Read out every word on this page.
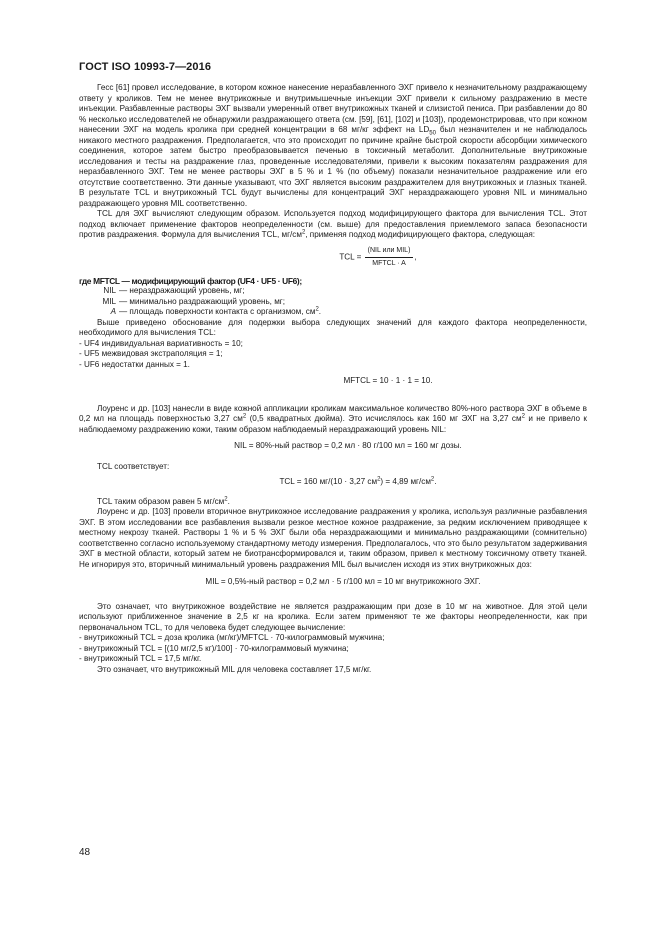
ГОСТ ISO 10993-7—2016

Гесс [61] провел исследование, в котором кожное нанесение неразбавленного ЭХГ привело к незначительному раздражающему ответу у кроликов. Тем не менее внутрикожные и внутримышечные инъекции ЭХГ привели к сильному раздражению в месте инъекции. Разбавленные растворы ЭХГ вызвали умеренный ответ внутрикожных тканей и слизистой пениса. При разбавлении до 80 % несколько исследователей не обнаружили раздражающего ответа (см. [59], [61], [102] и [103]), продемонстрировав, что при кожном нанесении ЭХГ на модель кролика при средней концентрации в 68 мг/кг эффект на $LD_{50}$ был незначителен и не наблюдалось никакого местного раздражения. Предполагается, что это происходит по причине крайне быстрой скорости абсорбции химического соединения, которое затем быстро преобразовывается печенью в токсичный метаболит. Дополнительные внутрикожные исследования и тесты на раздражение глаз, проведенные исследователями, привели к высоким показателям раздражения для неразбавленного ЭХГ. Тем не менее растворы ЭХГ в 5 % и 1 % (по объему) показали незначительное раздражение или его отсутствие соответственно. Эти данные указывают, что ЭХГ является высоким раздражителем для внутрикожных и глазных тканей. В результате TCL и внутрикожный TCL будут вычислены для концентраций ЭХГ нераздражающего уровня NIL и минимально раздражающего уровня MIL соответственно.

TCL для ЭХГ вычисляют следующим образом. Используется подход модифицирующего фактора для вычисления TCL. Этот подход включает применение факторов неопределенности (см. выше) для предоставления приемлемого запаса безопасности против раздражения. Формула для вычисления TCL, $мг/см^2$, применяя подход модифицирующего фактора, следующая:

TCL = $\frac{\text{(NIL или MIL)}}{\text{MFTCL · A}}$ ,
где MFTCL — модифицирующий фактор (UF4 · UF5 · UF6);
NIL — нераздражающий уровень, мг;
MIL — минимально раздражающий уровень, мг;
A — площадь поверхности контакта с организмом, $см^2$.

Выше приведено обоснование для подержки выбора следующих значений для каждого фактора неопределенности, необходимого для вычисления TCL:

- UF4 индивидуальная вариативность = 10;
- UF5 межвидовая экстраполяция = 1;
- UF6 недостатки данных = 1.
MFTCL = 10 · 1 · 1 = 10.

Лоуренс и др. [103] нанесли в виде кожной аппликации кроликам максимальное количество 80%-ного раствора ЭХГ в объеме в 0,2 мл на площадь поверхностью 3,27 $см^2$ (0,5 квадратных дюйма). Это исчислялось как 160 мг ЭХГ на 3,27 $см^2$ и не привело к наблюдаемому раздражению кожи, таким образом наблюдаемый нераздражающий уровень NIL:

NIL = 80%-ный раствор = 0,2 мл · 80 г/100 мл = 160 мг дозы.

TCL соответствует:

TCL = 160 мг/(10 · 3,27 $см^2) = 4,89$ $мг/см^2$.

TCL таким образом равен 5 $мг/см^2$.

Лоуренс и др. [103] провели вторичное внутрикожное исследование раздражения у кролика, используя различные разбавления ЭХГ. В этом исследовании все разбавления вызвали резкое местное кожное раздражение, за редким исключением приводящее к местному некрозу тканей. Растворы 1 % и 5 % ЭХГ были оба нераздражающими и минимально раздражающими (сомнительно) соответственно согласно используемому стандартному методу измерения. Предполагалось, что это было результатом задерживания ЭХГ в местной области, который затем не биотрансформировался и, таким образом, привел к местному токсичному ответу тканей. Не игнорируя это, вторичный минимальный уровень раздражения MIL был вычислен исходя из этих внутрикожных доз:

MIL = 0,5%-ный раствор = 0,2 мл · 5 г/100 мл = 10 мг внутрикожного ЭХГ.

Это означает, что внутрикожное воздействие не является раздражающим при дозе в 10 мг на животное. Для этой цели используют приближенное значение в 2,5 кг на кролика. Если затем применяют те же факторы неопределенности, как при первоначальном TCL, то для человека будет следующее вычисление:

- внутрикожный TCL = доза кролика (мг/кг)/MFTCL · 70-килограммовый мужчина;
- внутрикожный TCL = [(10 мг/2,5 кг)/100] · 70-килограммовый мужчина;
- внутрикожный TCL = 17,5 мг/кг.

Это означает, что внутрикожный MIL для человека составляет 17,5 мг/кг.

48
